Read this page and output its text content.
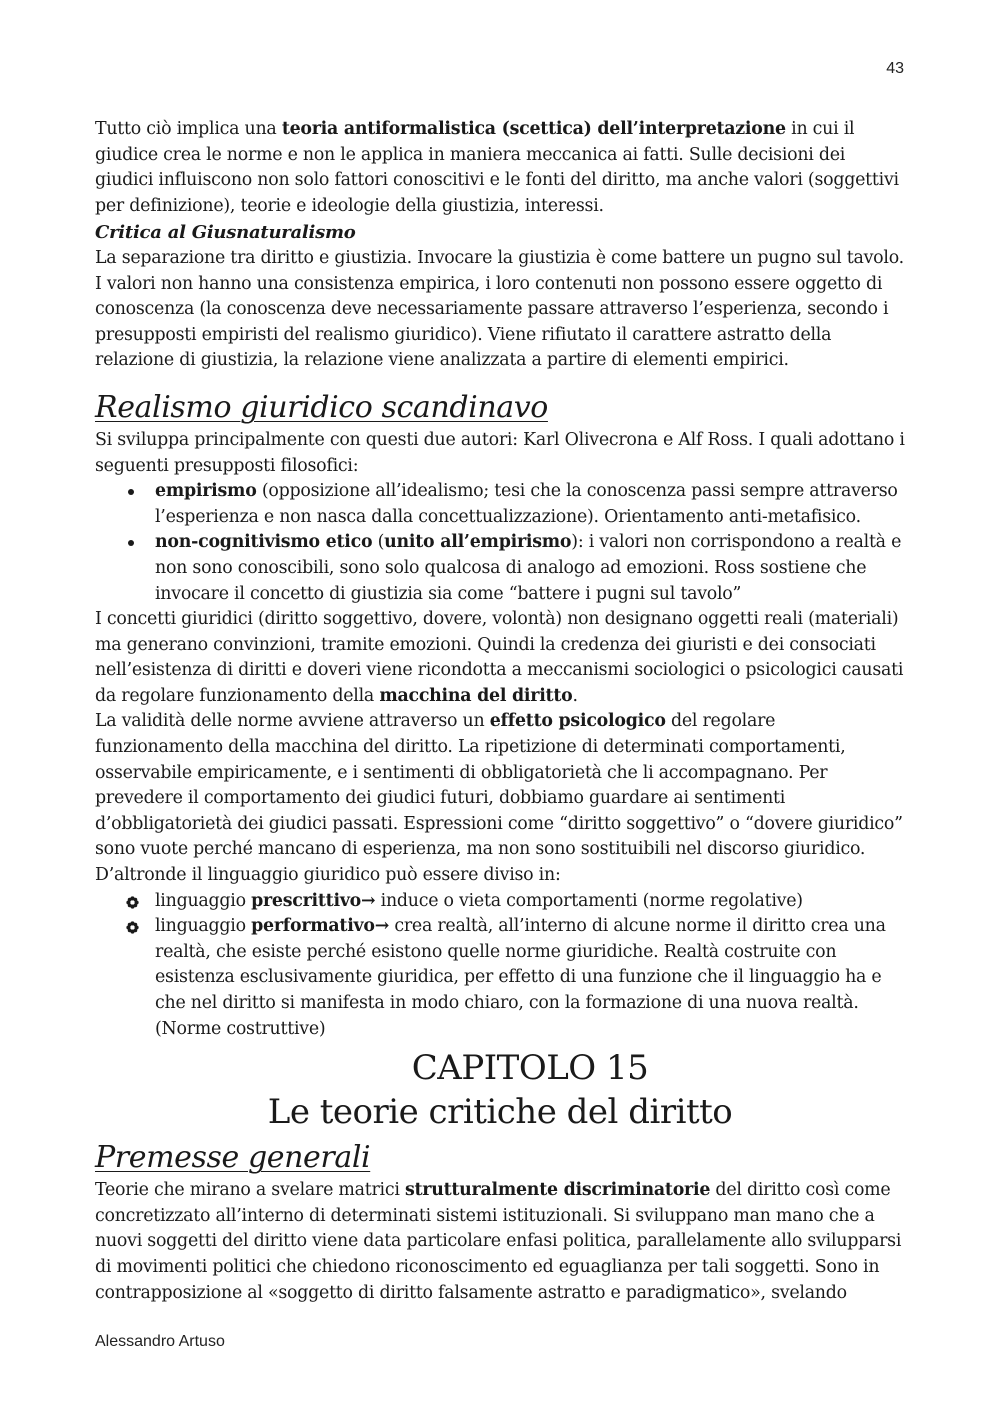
43

Tutto ciò implica una teoria antiformalistica (scettica) dell’interpretazione in cui il giudice crea le norme e non le applica in maniera meccanica ai fatti. Sulle decisioni dei giudici influiscono non solo fattori conoscitivi e le fonti del diritto, ma anche valori (soggettivi per definizione), teorie e ideologie della giustizia, interessi.

Critica al Giusnaturalismo

La separazione tra diritto e giustizia. Invocare la giustizia è come battere un pugno sul tavolo. I valori non hanno una consistenza empirica, i loro contenuti non possono essere oggetto di conoscenza (la conoscenza deve necessariamente passare attraverso l’esperienza, secondo i presupposti empiristi del realismo giuridico). Viene rifiutato il carattere astratto della relazione di giustizia, la relazione viene analizzata a partire di elementi empirici.

Realismo giuridico scandinavo

Si sviluppa principalmente con questi due autori: Karl Olivecrona e Alf Ross. I quali adottano i seguenti presupposti filosofici:

empirismo (opposizione all’idealismo; tesi che la conoscenza passi sempre attraverso l’esperienza e non nasca dalla concettualizzazione). Orientamento anti-metafisico.
non-cognitivismo etico (unito all’empirismo): i valori non corrispondono a realtà e non sono conoscibili, sono solo qualcosa di analogo ad emozioni. Ross sostiene che invocare il concetto di giustizia sia come “battere i pugni sul tavolo”

I concetti giuridici (diritto soggettivo, dovere, volontà) non designano oggetti reali (materiali) ma generano convinzioni, tramite emozioni. Quindi la credenza dei giuristi e dei consociati nell’esistenza di diritti e doveri viene ricondotta a meccanismi sociologici o psicologici causati da regolare funzionamento della macchina del diritto.

La validità delle norme avviene attraverso un effetto psicologico del regolare funzionamento della macchina del diritto. La ripetizione di determinati comportamenti, osservabile empiricamente, e i sentimenti di obbligatorietà che li accompagnano. Per prevedere il comportamento dei giudici futuri, dobbiamo guardare ai sentimenti d’obbligatorietà dei giudici passati. Espressioni come “diritto soggettivo” o “dovere giuridico” sono vuote perché mancano di esperienza, ma non sono sostituibili nel discorso giuridico. D’altronde il linguaggio giuridico può essere diviso in:

linguaggio prescrittivo→ induce o vieta comportamenti (norme regolative)
linguaggio performativo→ crea realtà, all’interno di alcune norme il diritto crea una realtà, che esiste perché esistono quelle norme giuridiche. Realtà costruite con esistenza esclusivamente giuridica, per effetto di una funzione che il linguaggio ha e che nel diritto si manifesta in modo chiaro, con la formazione di una nuova realtà. (Norme costruttive)
CAPITOLO 15
Le teorie critiche del diritto
Premesse generali

Teorie che mirano a svelare matrici strutturalmente discriminatorie del diritto così come concretizzato all’interno di determinati sistemi istituzionali. Si sviluppano man mano che a nuovi soggetti del diritto viene data particolare enfasi politica, parallelamente allo svilupparsi di movimenti politici che chiedono riconoscimento ed eguaglianza per tali soggetti. Sono in contrapposizione al «soggetto di diritto falsamente astratto e paradigmatico», svelando

Alessandro Artuso
